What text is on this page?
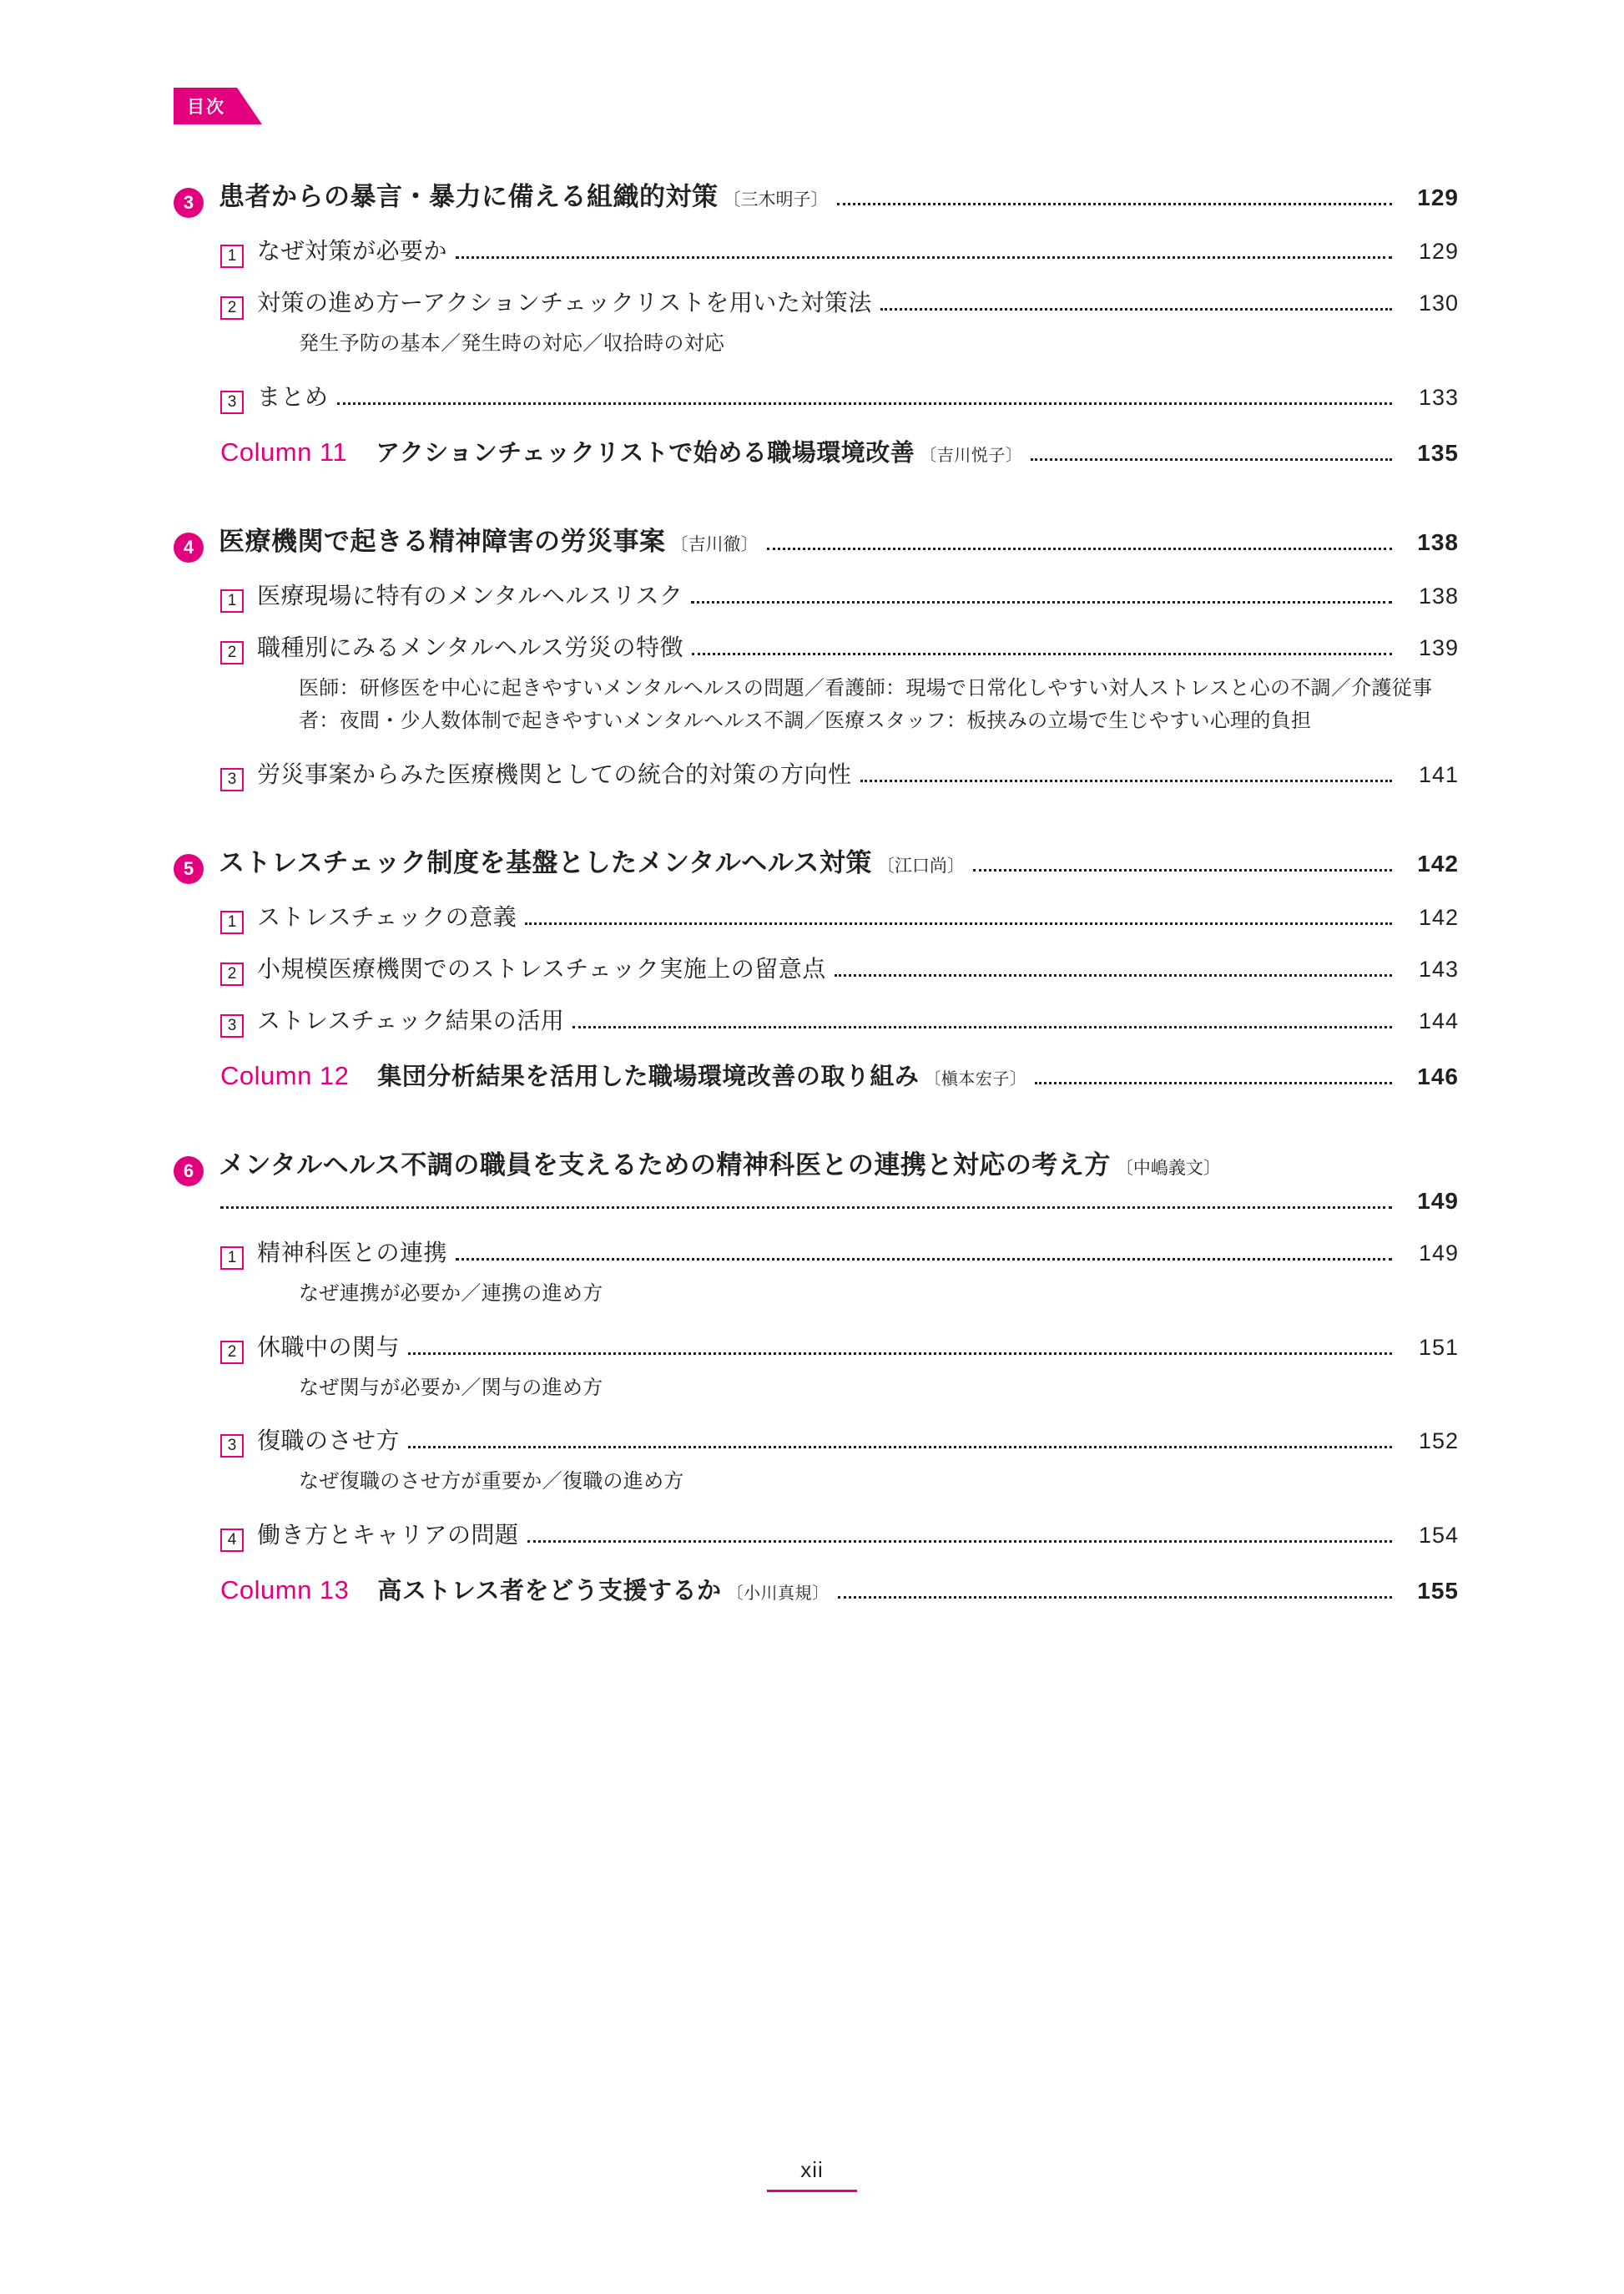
目次
3 患者からの暴言・暴力に備える組織的対策 〔三木明子〕	129
1 なぜ対策が必要か	129
2 対策の進め方ーアクションチェックリストを用いた対策法	130
発生予防の基本／発生時の対応／収拾時の対応
3 まとめ	133
Column 11 アクションチェックリストで始める職場環境改善 〔吉川悦子〕	135
4 医療機関で起きる精神障害の労災事案 〔吉川徹〕	138
1 医療現場に特有のメンタルヘルスリスク	138
2 職種別にみるメンタルヘルス労災の特徴	139
医師：研修医を中心に起きやすいメンタルヘルスの問題／看護師：現場で日常化しやすい対人ストレスと心の不調／介護従事者：夜間・少人数体制で起きやすいメンタルヘルス不調／医療スタッフ：板挟みの立場で生じやすい心理的負担
3 労災事案からみた医療機関としての統合的対策の方向性	141
5 ストレスチェック制度を基盤としたメンタルヘルス対策 〔江口尚〕	142
1 ストレスチェックの意義	142
2 小規模医療機関でのストレスチェック実施上の留意点	143
3 ストレスチェック結果の活用	144
Column 12 集団分析結果を活用した職場環境改善の取り組み 〔槇本宏子〕	146
6 メンタルヘルス不調の職員を支えるための精神科医との連携と対応の考え方 〔中嶋義文〕
149
1 精神科医との連携	149
なぜ連携が必要か／連携の進め方
2 休職中の関与	151
なぜ関与が必要か／関与の進め方
3 復職のさせ方	152
なぜ復職のさせ方が重要か／復職の進め方
4 働き方とキャリアの問題	154
Column 13 高ストレス者をどう支援するか 〔小川真規〕	155
xii
